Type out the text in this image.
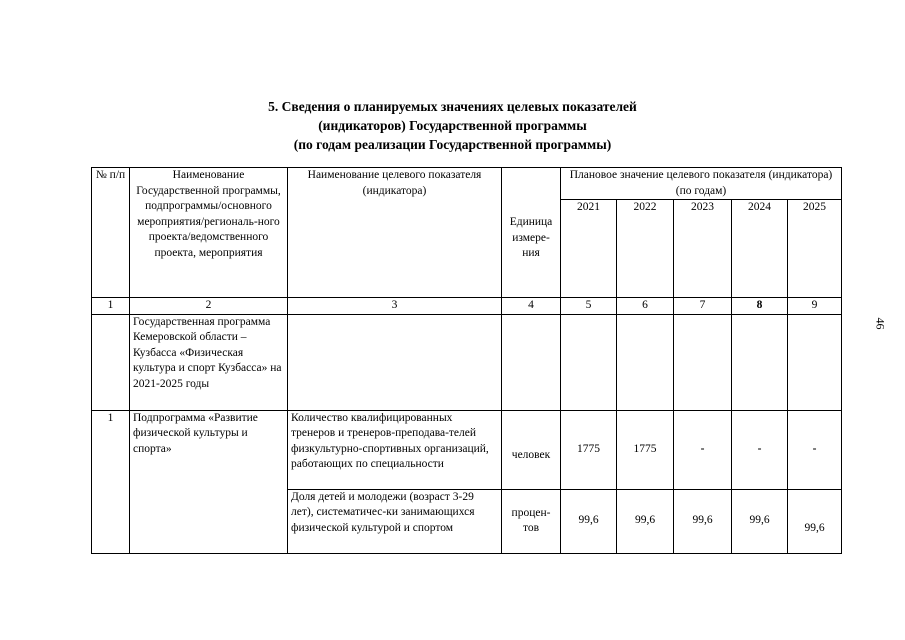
5. Сведения о планируемых значениях целевых показателей
(индикаторов) Государственной программы
(по годам реализации Государственной программы)
46
№ п/п	Наименование Государственной программы, подпрограммы/основного мероприятия/региональ-ного проекта/ведомственного проекта, мероприятия	Наименование целевого показателя (индикатора)	Единица измере-ния	Плановое значение целевого показателя (индикатора) (по годам)				
				2021	2022	2023	2024	2025
1	2	3	4	5	6	7	8	9
	Государственная программа Кемеровской области – Кузбасса «Физическая культура и спорт Кузбасса» на 2021-2025 годы							
1	Подпрограмма «Развитие физической культуры и спорта»	Количество квалифицированных тренеров и тренеров-преподава-телей физкультурно-спортивных организаций, работающих по специальности	человек	1775	1775	-	-	-
		Доля детей и молодежи (возраст 3-29 лет), систематичес-ки занимающихся физической культурой и спортом	процен-тов	99,6	99,6	99,6	99,6	99,6
